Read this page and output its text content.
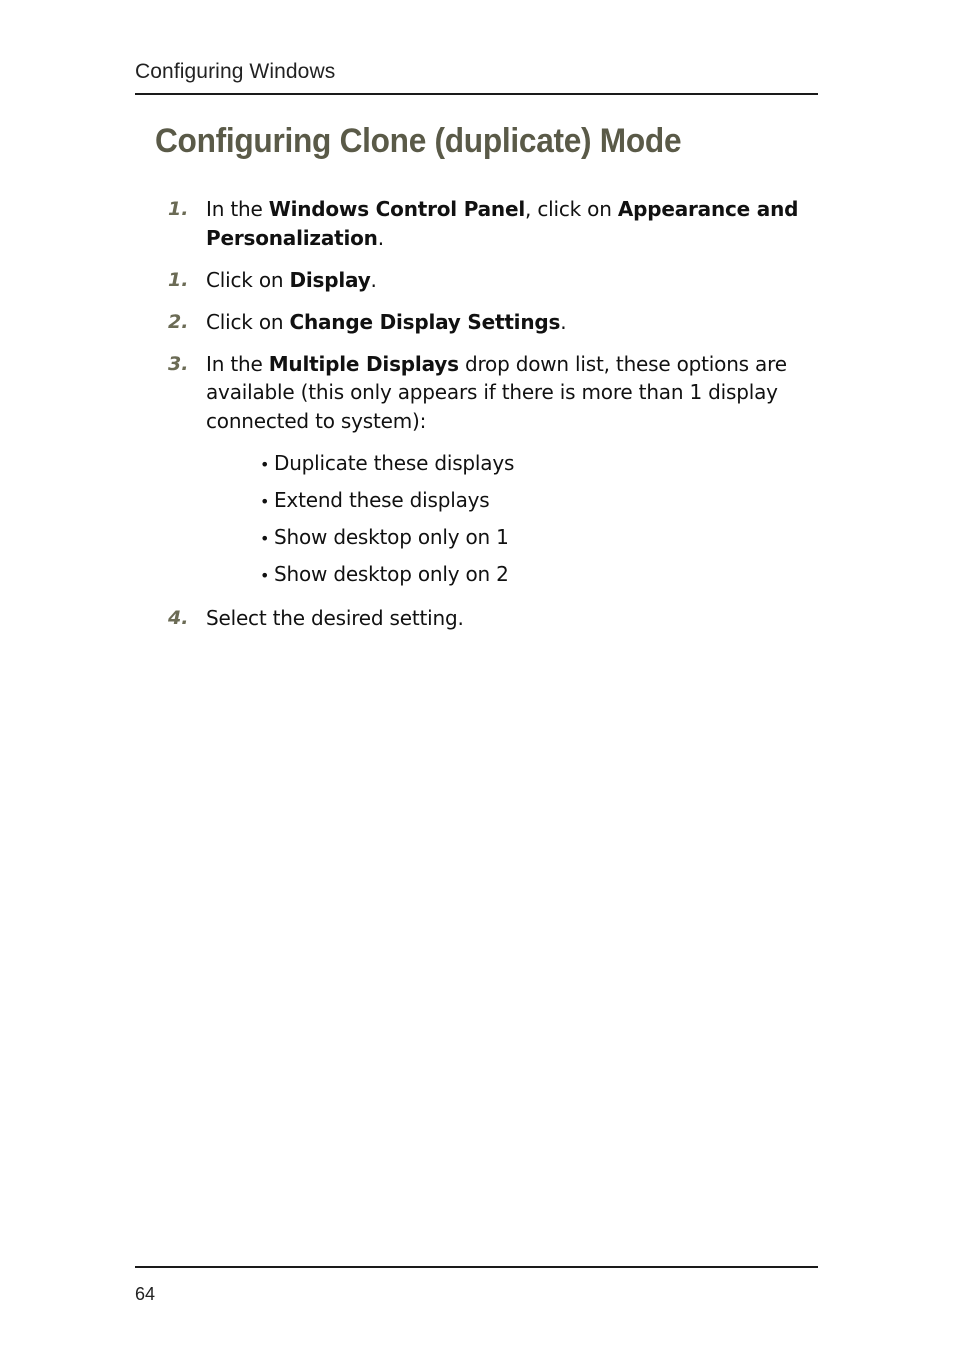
Configuring Windows
Configuring Clone (duplicate) Mode
1. In the Windows Control Panel, click on Appearance and Personalization.
1. Click on Display.
2. Click on Change Display Settings.
3. In the Multiple Displays drop down list, these options are available (this only appears if there is more than 1 display connected to system):
• Duplicate these displays
• Extend these displays
• Show desktop only on 1
• Show desktop only on 2
4. Select the desired setting.
64
